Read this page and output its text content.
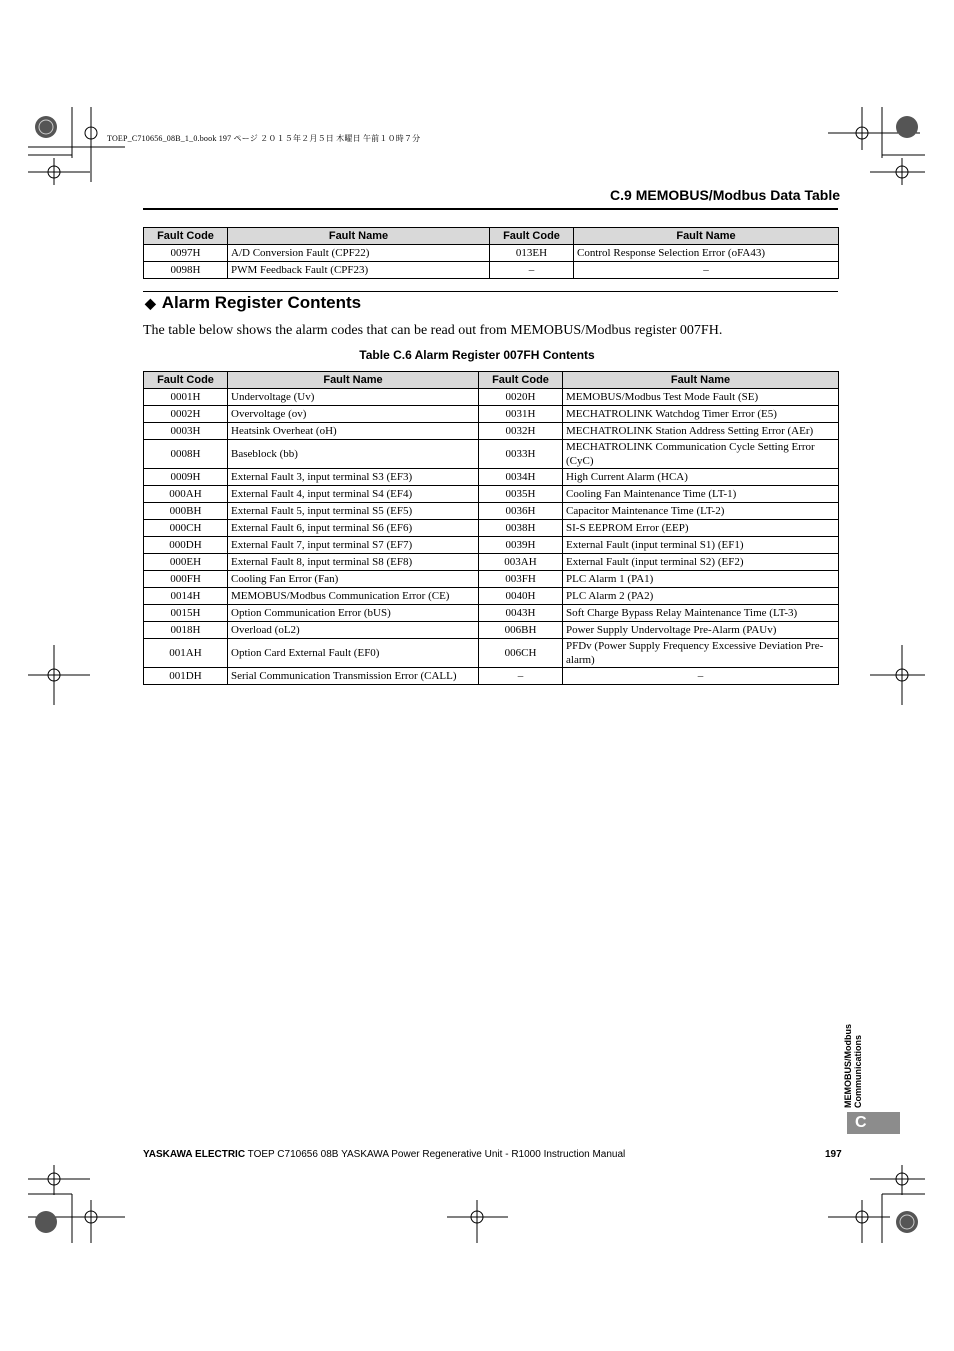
TOEP_C710656_08B_1_0.book 197 ページ ２０１５年２月５日 木曜日 午前１０時７分
C.9 MEMOBUS/Modbus Data Table
Fault Code	Fault Name	Fault Code	Fault Name
0097H	A/D Conversion Fault (CPF22)	013EH	Control Response Selection Error (oFA43)
0098H	PWM Feedback Fault (CPF23)	–	–
◆ Alarm Register Contents
The table below shows the alarm codes that can be read out from MEMOBUS/Modbus register 007FH.
Table C.6 Alarm Register 007FH Contents
Fault Code	Fault Name	Fault Code	Fault Name
0001H	Undervoltage (Uv)	0020H	MEMOBUS/Modbus Test Mode Fault (SE)
0002H	Overvoltage (ov)	0031H	MECHATROLINK Watchdog Timer Error (E5)
0003H	Heatsink Overheat (oH)	0032H	MECHATROLINK Station Address Setting Error (AEr)
0008H	Baseblock (bb)	0033H	MECHATROLINK Communication Cycle Setting Error (CyC)
0009H	External Fault 3, input terminal S3 (EF3)	0034H	High Current Alarm (HCA)
000AH	External Fault 4, input terminal S4 (EF4)	0035H	Cooling Fan Maintenance Time (LT-1)
000BH	External Fault 5, input terminal S5 (EF5)	0036H	Capacitor Maintenance Time (LT-2)
000CH	External Fault 6, input terminal S6 (EF6)	0038H	SI-S EEPROM Error (EEP)
000DH	External Fault 7, input terminal S7 (EF7)	0039H	External Fault (input terminal S1) (EF1)
000EH	External Fault 8, input terminal S8 (EF8)	003AH	External Fault (input terminal S2) (EF2)
000FH	Cooling Fan Error (Fan)	003FH	PLC Alarm 1 (PA1)
0014H	MEMOBUS/Modbus Communication Error (CE)	0040H	PLC Alarm 2 (PA2)
0015H	Option Communication Error (bUS)	0043H	Soft Charge Bypass Relay Maintenance Time (LT-3)
0018H	Overload (oL2)	006BH	Power Supply Undervoltage Pre-Alarm (PAUv)
001AH	Option Card External Fault (EF0)	006CH	PFDv (Power Supply Frequency Excessive Deviation Pre-alarm)
001DH	Serial Communication Transmission Error (CALL)	–	–
MEMOBUS/Modbus Communications
C
YASKAWA ELECTRIC TOEP C710656 08B YASKAWA Power Regenerative Unit - R1000 Instruction Manual	197
